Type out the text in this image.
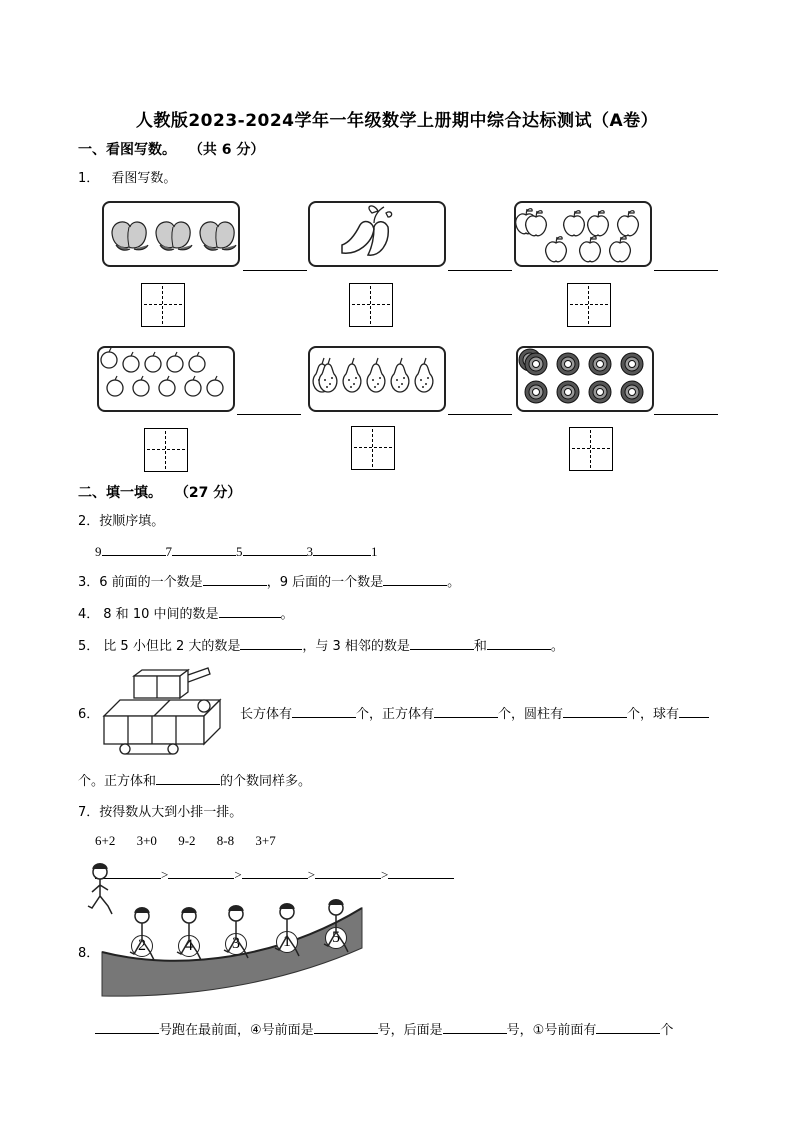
人教版2023-2024学年一年级数学上册期中综合达标测试（A卷）
一、看图写数。 （共 6 分）
1． 看图写数。
二、填一填。 （27 分）
2．按顺序填。
9	7	5	3	1
3．6 前面的一个数是	，9 后面的一个数是	。
4． 8 和 10 中间的数是	。
5． 比 5 小但比 2 大的数是	，与 3 相邻的数是	和	。
6．	长方体有	个，正方体有	个，圆柱有	个，球有
个。正方体和	的个数同样多。
7．按得数从大到小排一排。
6+2 3+0 9-2 8-8 3+7
>	>	>	>
8．	2	4	3	1	5
号跑在最前面，④号前面是	号，后面是	号，①号前面有	个
